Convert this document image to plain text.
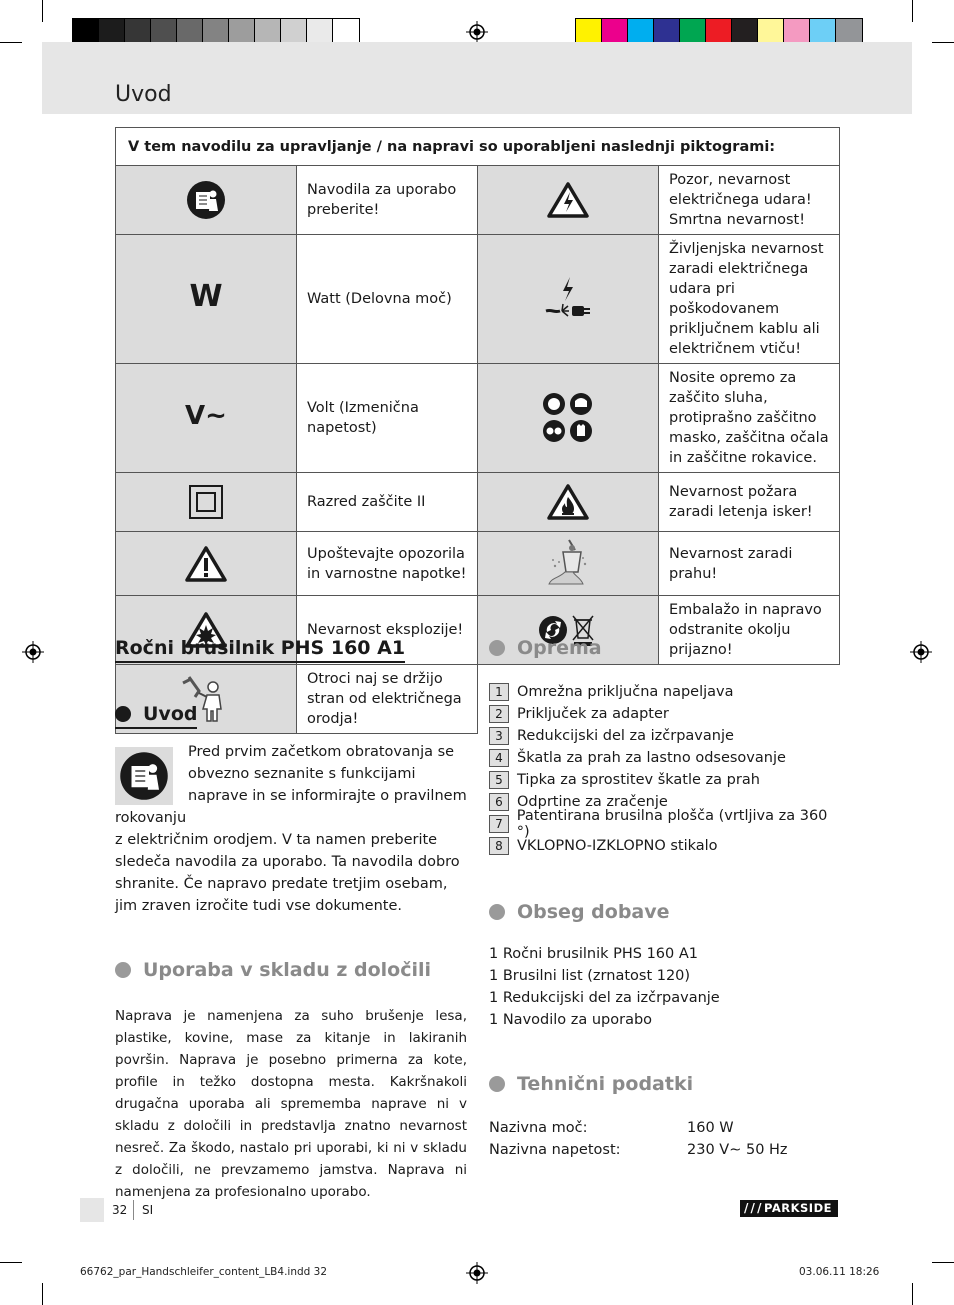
Uvod
V tem navodilu za upravljanje / na napravi so uporabljeni naslednji piktogrami:			

	Navodila za uporabo preberite!		Pozor, nevarnost električnega udara! Smrtna nevarnost!
W	Watt (Delovna moč)		Življenjska nevarnost zaradi električnega udara pri poškodovanem priključnem kablu ali električnem vtiču!
V~	Volt (Izmenična napetost)		Nosite opremo za zaščito sluha, protiprašno zaščitno masko, zaščitna očala in zaščitne rokavice.

	Razred zaščite II		Nevarnost požara zaradi letenja isker!

	Upoštevajte opozorila in varnostne napotke!		Nevarnost zaradi prahu!

	Nevarnost eksplozije!		Embalažo in napravo odstranite okolju prijazno!

	Otroci naj se držijo stran od električnega orodja!		
Ročni brusilnik PHS 160 A1
Uvod
Pred prvim začetkom obratovanja se obvezno seznanite s funkcijami naprave in se informirajte o pravilnem rokovanju
z električnim orodjem. V ta namen preberite sledeča navodila za uporabo. Ta navodila dobro shranite. Če napravo predate tretjim osebam, jim zraven izročite tudi vse dokumente.
Uporaba v skladu z določili
Naprava je namenjena za suho brušenje lesa, plastike, kovine, mase za kitanje in lakiranih površin. Naprava je posebno primerna za kote, profile in težko dostopna mesta. Kakršnakoli drugačna uporaba ali sprememba naprave ni v skladu z določili in predstavlja znatno nevarnost nesreč. Za škodo, nastalo pri uporabi, ki ni v skladu z določili, ne prevzamemo jamstva. Naprava ni namenjena za profesionalno uporabo.
Oprema
1 Omrežna priključna napeljava
2 Priključek za adapter
3 Redukcijski del za izčrpavanje
4 Škatla za prah za lastno odsesovanje
5 Tipka za sprostitev škatle za prah
6 Odprtine za zračenje
7 Patentirana brusilna plošča (vrtljiva za 360 °)
8 VKLOPNO-IZKLOPNO stikalo
Obseg dobave
1 Ročni brusilnik PHS 160 A1
1 Brusilni list (zrnatost 120)
1 Redukcijski del za izčrpavanje
1 Navodilo za uporabo
Tehnični podatki
Nazivna moč:	160 W
Nazivna napetost:	230 V∼ 50 Hz
32 SI	/ / / PARKSIDE
66762_par_Handschleifer_content_LB4.indd 32	03.06.11 18:26
